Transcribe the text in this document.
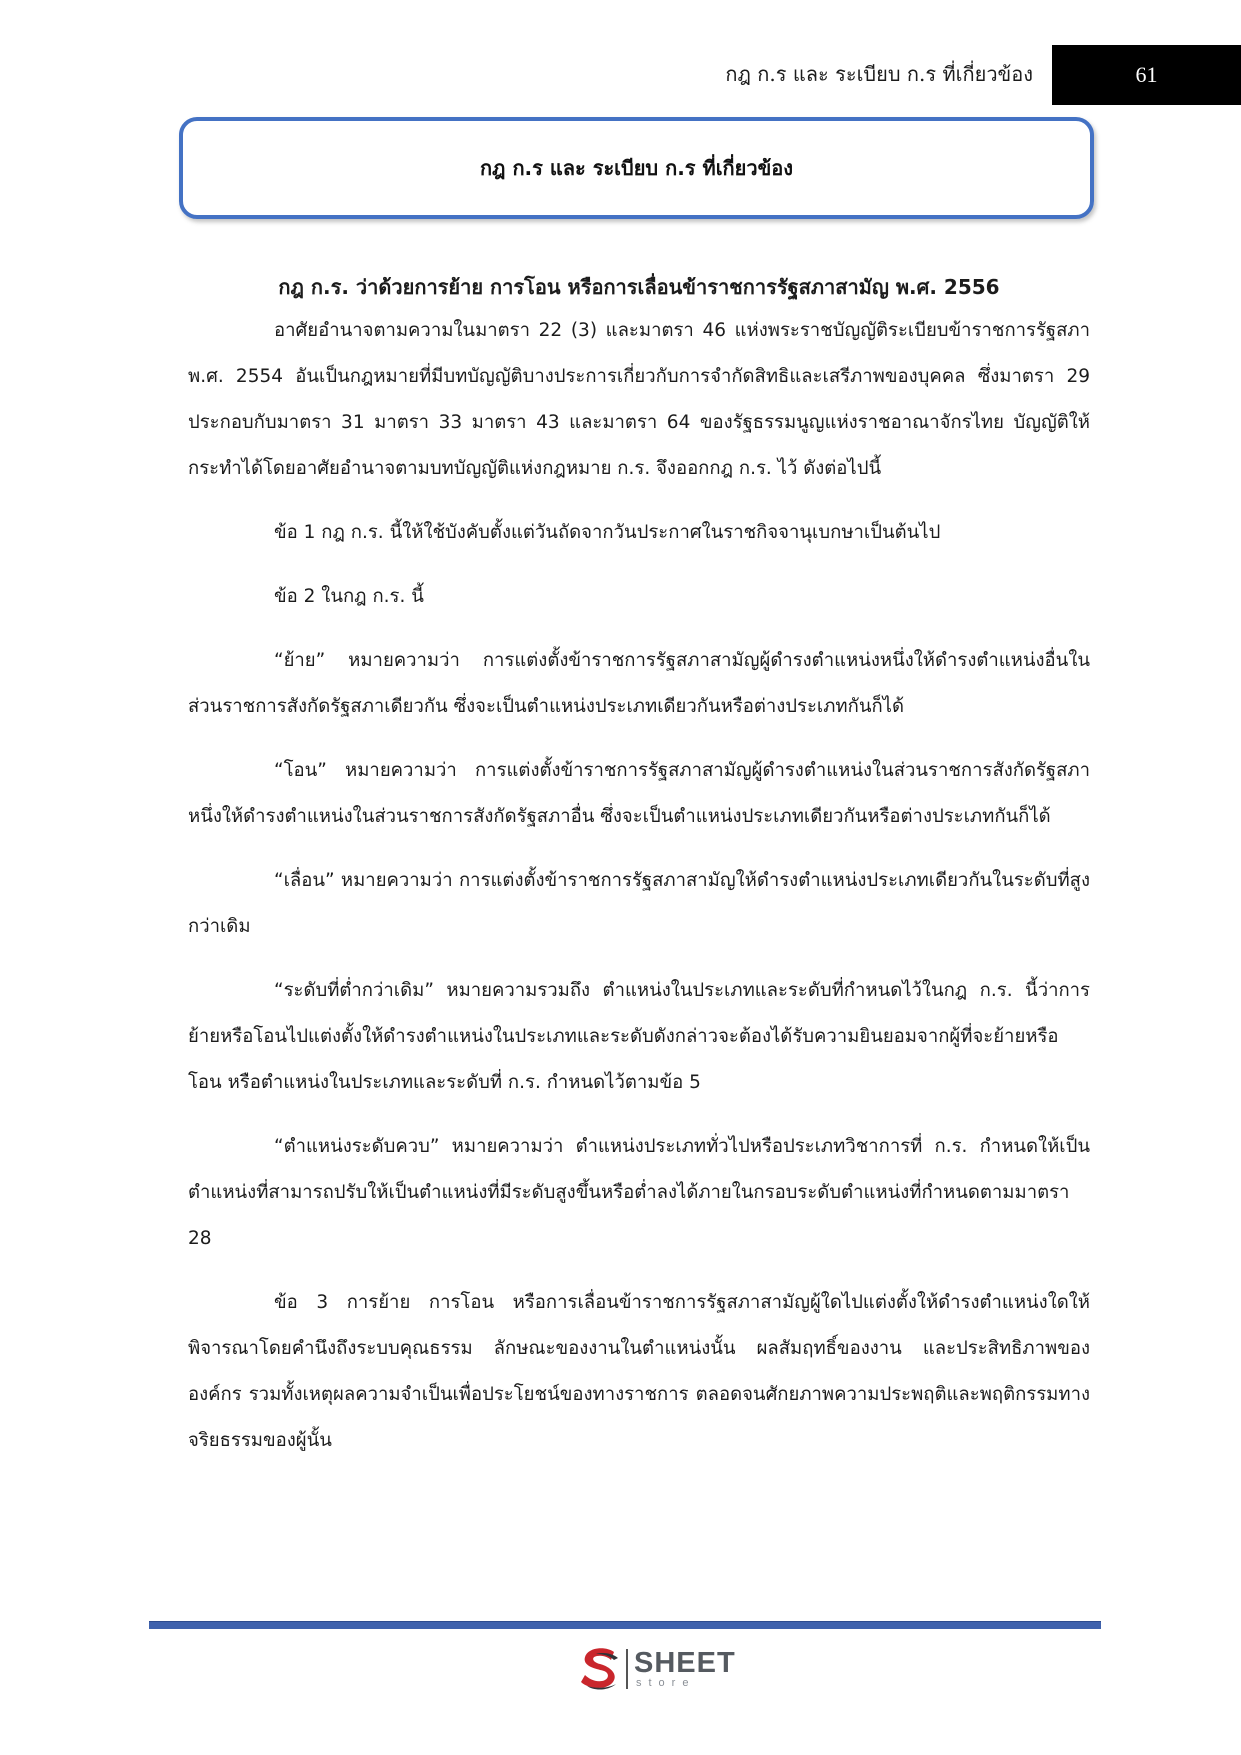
กฎ ก.ร และ ระเบียบ ก.ร ที่เกี่ยวข้อง	61
กฎ ก.ร และ ระเบียบ ก.ร ที่เกี่ยวข้อง

กฎ ก.ร. ว่าด้วยการย้าย การโอน หรือการเลื่อนข้าราชการรัฐสภาสามัญ พ.ศ. 2556

อาศัยอำนาจตามความในมาตรา 22 (3) และมาตรา 46 แห่งพระราชบัญญัติระเบียบข้าราชการรัฐสภา พ.ศ. 2554 อันเป็นกฎหมายที่มีบทบัญญัติบางประการเกี่ยวกับการจำกัดสิทธิและเสรีภาพของบุคคล ซึ่งมาตรา 29 ประกอบกับมาตรา 31 มาตรา 33 มาตรา 43 และมาตรา 64 ของรัฐธรรมนูญแห่งราชอาณาจักรไทย บัญญัติให้กระทำได้โดยอาศัยอำนาจตามบทบัญญัติแห่งกฎหมาย ก.ร. จึงออกกฎ ก.ร. ไว้ ดังต่อไปนี้

ข้อ 1 กฎ ก.ร. นี้ให้ใช้บังคับตั้งแต่วันถัดจากวันประกาศในราชกิจจานุเบกษาเป็นต้นไป

ข้อ 2 ในกฎ ก.ร. นี้

“ย้าย” หมายความว่า การแต่งตั้งข้าราชการรัฐสภาสามัญผู้ดำรงตำแหน่งหนึ่งให้ดำรงตำแหน่งอื่นในส่วนราชการสังกัดรัฐสภาเดียวกัน ซึ่งจะเป็นตำแหน่งประเภทเดียวกันหรือต่างประเภทกันก็ได้

“โอน” หมายความว่า การแต่งตั้งข้าราชการรัฐสภาสามัญผู้ดำรงตำแหน่งในส่วนราชการสังกัดรัฐสภาหนึ่งให้ดำรงตำแหน่งในส่วนราชการสังกัดรัฐสภาอื่น ซึ่งจะเป็นตำแหน่งประเภทเดียวกันหรือต่างประเภทกันก็ได้

“เลื่อน” หมายความว่า การแต่งตั้งข้าราชการรัฐสภาสามัญให้ดำรงตำแหน่งประเภทเดียวกันในระดับที่สูงกว่าเดิม

“ระดับที่ต่ำกว่าเดิม” หมายความรวมถึง ตำแหน่งในประเภทและระดับที่กำหนดไว้ในกฎ ก.ร. นี้ว่าการย้ายหรือโอนไปแต่งตั้งให้ดำรงตำแหน่งในประเภทและระดับดังกล่าวจะต้องได้รับความยินยอมจากผู้ที่จะย้ายหรือโอน หรือตำแหน่งในประเภทและระดับที่ ก.ร. กำหนดไว้ตามข้อ 5

“ตำแหน่งระดับควบ” หมายความว่า ตำแหน่งประเภททั่วไปหรือประเภทวิชาการที่ ก.ร. กำหนดให้เป็นตำแหน่งที่สามารถปรับให้เป็นตำแหน่งที่มีระดับสูงขึ้นหรือต่ำลงได้ภายในกรอบระดับตำแหน่งที่กำหนดตามมาตรา 28

ข้อ 3 การย้าย การโอน หรือการเลื่อนข้าราชการรัฐสภาสามัญผู้ใดไปแต่งตั้งให้ดำรงตำแหน่งใดให้พิจารณาโดยคำนึงถึงระบบคุณธรรม ลักษณะของงานในตำแหน่งนั้น ผลสัมฤทธิ์ของงาน และประสิทธิภาพขององค์กร รวมทั้งเหตุผลความจำเป็นเพื่อประโยชน์ของทางราชการ ตลอดจนศักยภาพความประพฤติและพฤติกรรมทางจริยธรรมของผู้นั้น

SHEET
store
